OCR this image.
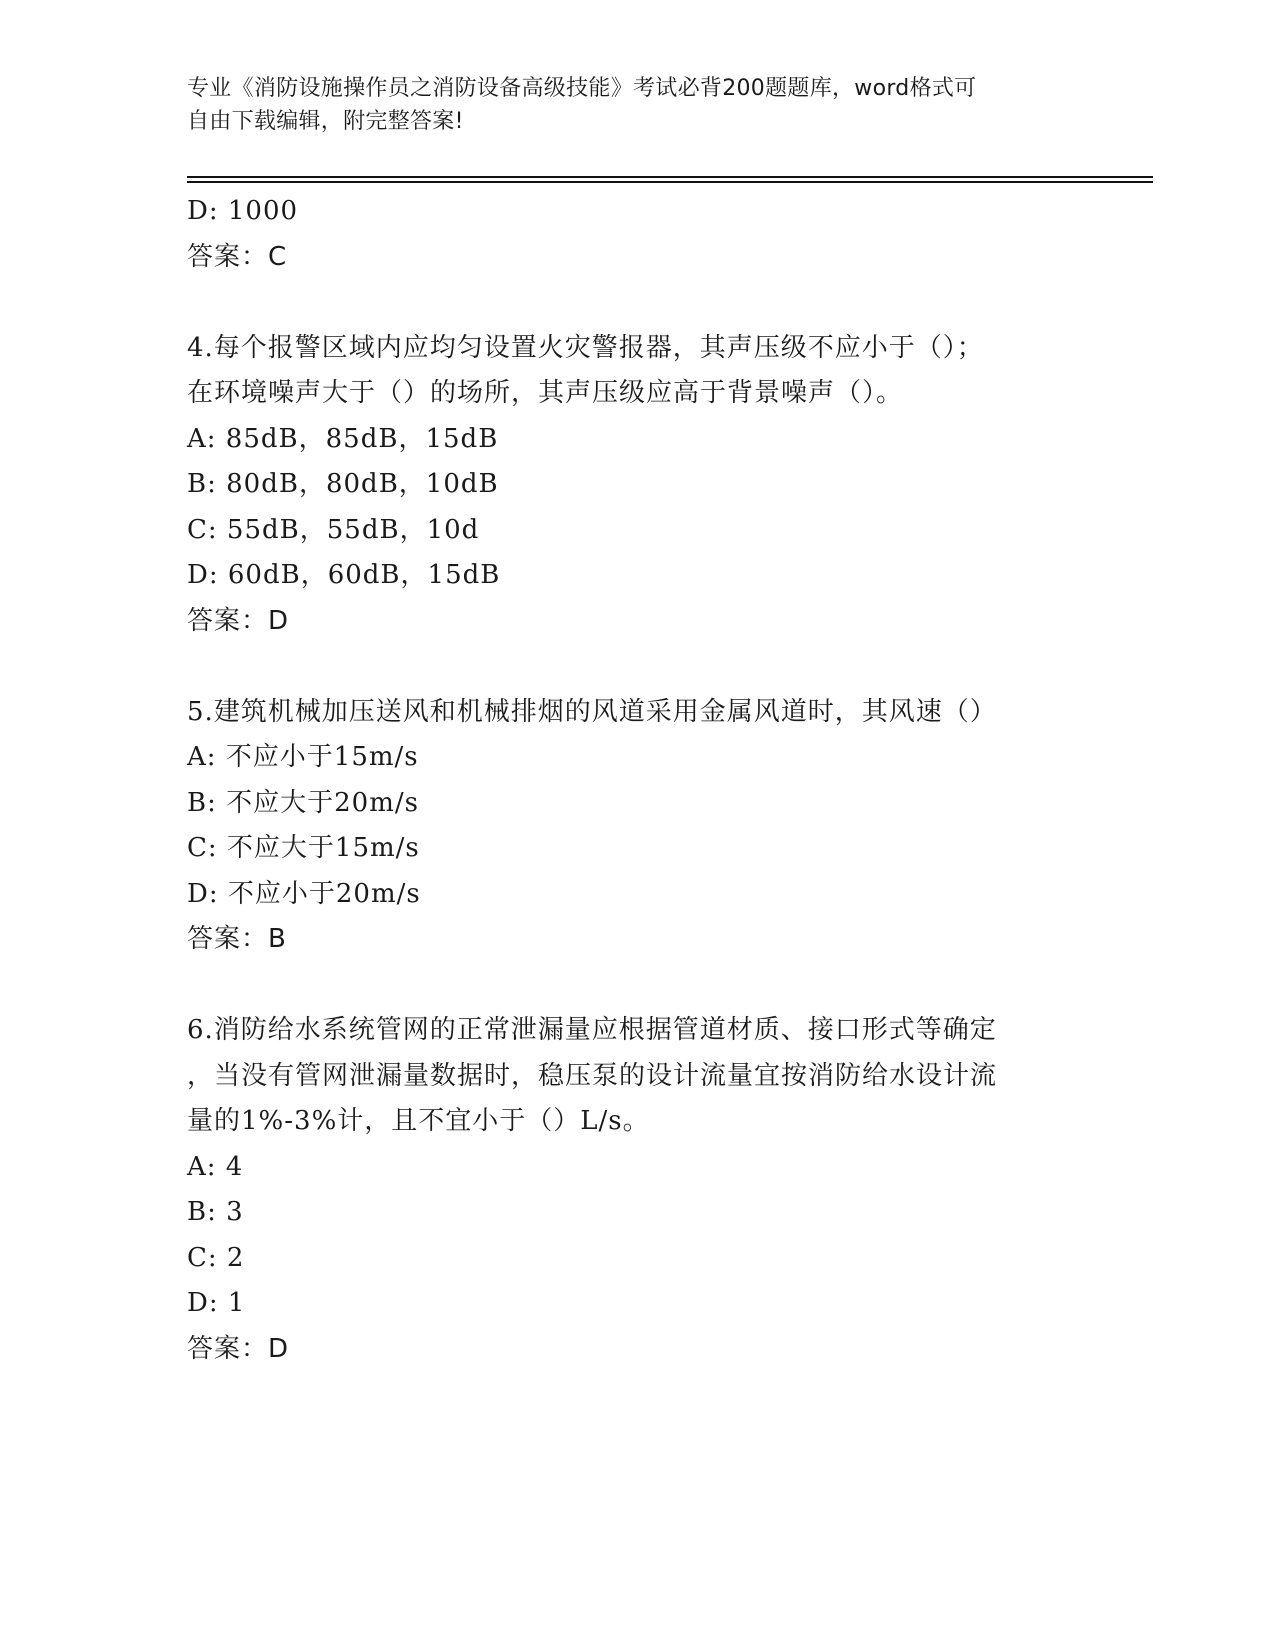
专业《消防设施操作员之消防设备高级技能》考试必背200题题库，word格式可
自由下载编辑，附完整答案!
D: 1000
答案：C
4.每个报警区域内应均匀设置火灾警报器，其声压级不应小于（）；
在环境噪声大于（）的场所，其声压级应高于背景噪声（）。
A: 85dB，85dB，15dB
B: 80dB，80dB，10dB
C: 55dB，55dB，10d
D: 60dB，60dB，15dB
答案：D
5.建筑机械加压送风和机械排烟的风道采用金属风道时，其风速（）
A: 不应小于15m/s
B: 不应大于20m/s
C: 不应大于15m/s
D: 不应小于20m/s
答案：B
6.消防给水系统管网的正常泄漏量应根据管道材质、接口形式等确定
，当没有管网泄漏量数据时，稳压泵的设计流量宜按消防给水设计流
量的1%-3%计，且不宜小于（）L/s。
A: 4
B: 3
C: 2
D: 1
答案：D
